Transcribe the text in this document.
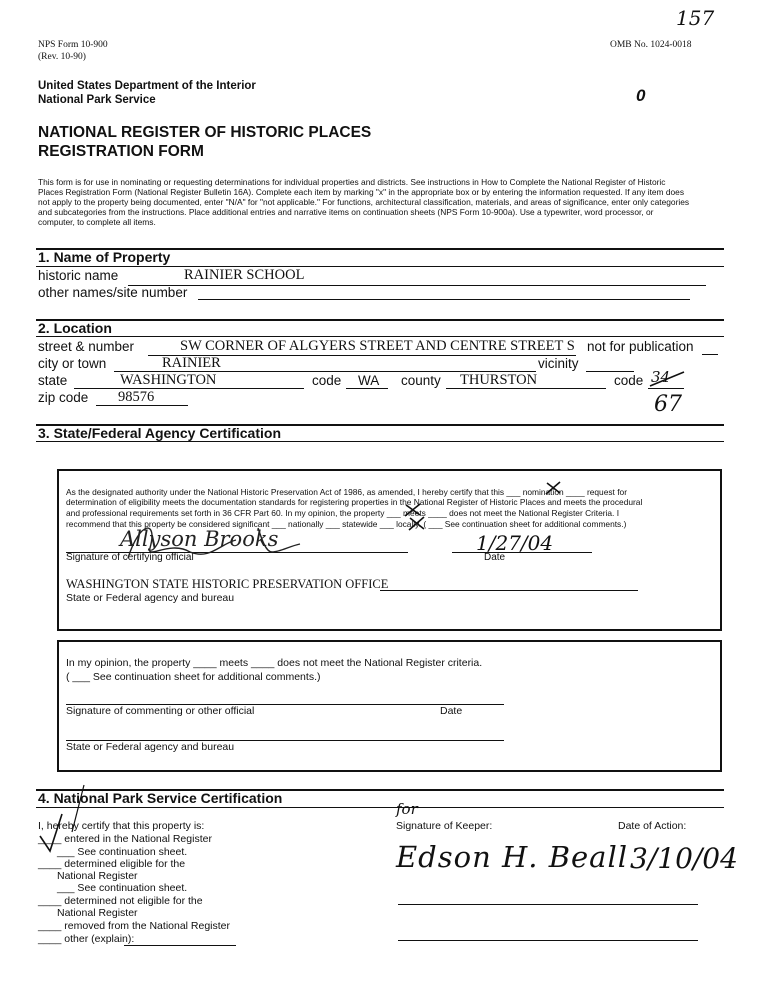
NPS Form 10-900
(Rev. 10-90)
OMB No. 1024-0018
157
0
United States Department of the Interior
National Park Service
NATIONAL REGISTER OF HISTORIC PLACES
REGISTRATION FORM
This form is for use in nominating or requesting determinations for individual properties and districts. See instructions in How to Complete the National Register of Historic
Places Registration Form (National Register Bulletin 16A). Complete each item by marking "x" in the appropriate box or by entering the information requested. If any item does
not apply to the property being documented, enter "N/A" for "not applicable." For functions, architectural classification, materials, and areas of significance, enter only categories
and subcategories from the instructions. Place additional entries and narrative items on continuation sheets (NPS Form 10-900a). Use a typewriter, word processor, or
computer, to complete all items.
1. Name of Property
historic name	RAINIER SCHOOL
other names/site number
2. Location
street & number	SW CORNER OF ALGYERS STREET AND CENTRE STREET S not for publication
city or town	RAINIER	vicinity
state	WASHINGTON	code WA county THURSTON	code 34
67
zip code 98576
3. State/Federal Agency Certification
As the designated authority under the National Historic Preservation Act of 1986, as amended, I hereby certify that this ___ nomination ____ request for
determination of eligibility meets the documentation standards for registering properties in the National Register of Historic Places and meets the procedural
and professional requirements set forth in 36 CFR Part 60. In my opinion, the property ___ meets ____ does not meet the National Register Criteria. I
recommend that this property be considered significant ___ nationally ___ statewide ___ locally. ( ___ See continuation sheet for additional comments.)
Allyson Brooks
Signature of certifying official
1/27/04
Date
WASHINGTON STATE HISTORIC PRESERVATION OFFICE
State or Federal agency and bureau
In my opinion, the property ____ meets ____ does not meet the National Register criteria.
( ___ See continuation sheet for additional comments.)
Signature of commenting or other official	Date
State or Federal agency and bureau
4. National Park Service Certification
I, hereby certify that this property is:
____ entered in the National Register
___ See continuation sheet.
____ determined eligible for the
National Register
___ See continuation sheet.
____ determined not eligible for the
National Register
____ removed from the National Register
____ other (explain):
Signature of Keeper:	Date of Action:
for
Edson H. Beall 3/10/04
